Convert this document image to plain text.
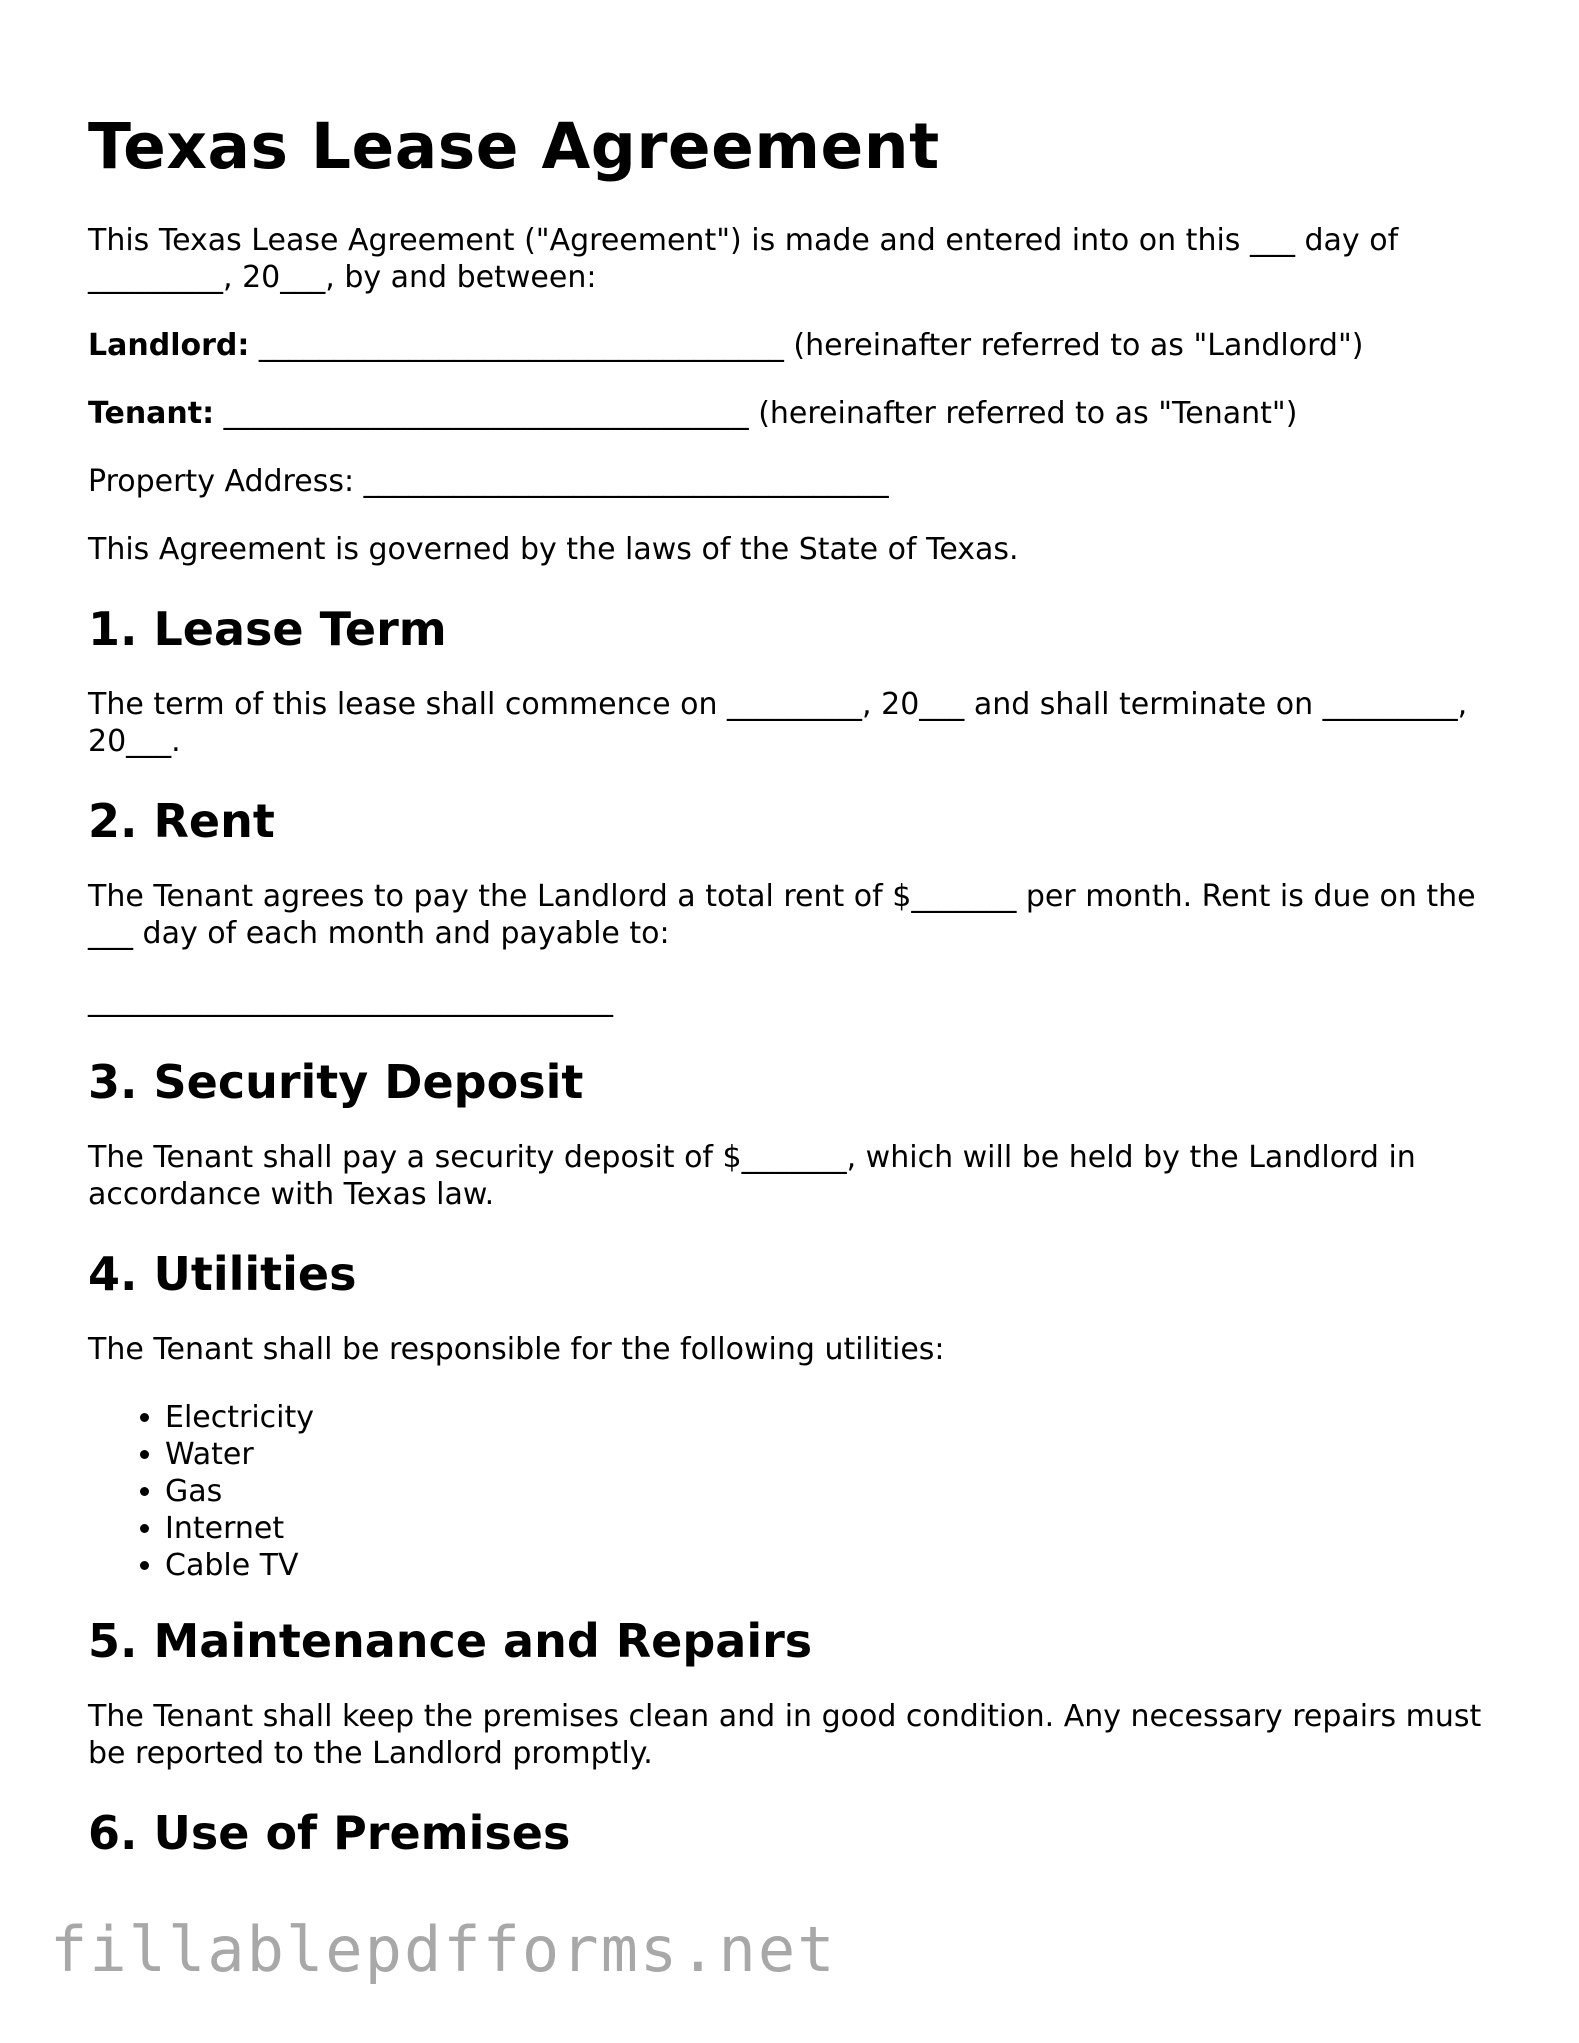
Texas Lease Agreement

This Texas Lease Agreement ("Agreement") is made and entered into on this ___ day of _________, 20___, by and between:

Landlord: ___________________________________ (hereinafter referred to as "Landlord")

Tenant: ___________________________________ (hereinafter referred to as "Tenant")

Property Address: ___________________________________

This Agreement is governed by the laws of the State of Texas.

1. Lease Term

The term of this lease shall commence on _________, 20___ and shall terminate on _________, 20___.

2. Rent

The Tenant agrees to pay the Landlord a total rent of $_______ per month. Rent is due on the ___ day of each month and payable to:

___________________________________

3. Security Deposit

The Tenant shall pay a security deposit of $_______, which will be held by the Landlord in accordance with Texas law.

4. Utilities

The Tenant shall be responsible for the following utilities:

• Electricity
• Water
• Gas
• Internet
• Cable TV
5. Maintenance and Repairs

The Tenant shall keep the premises clean and in good condition. Any necessary repairs must be reported to the Landlord promptly.

6. Use of Premises
fillablepdfforms.net
